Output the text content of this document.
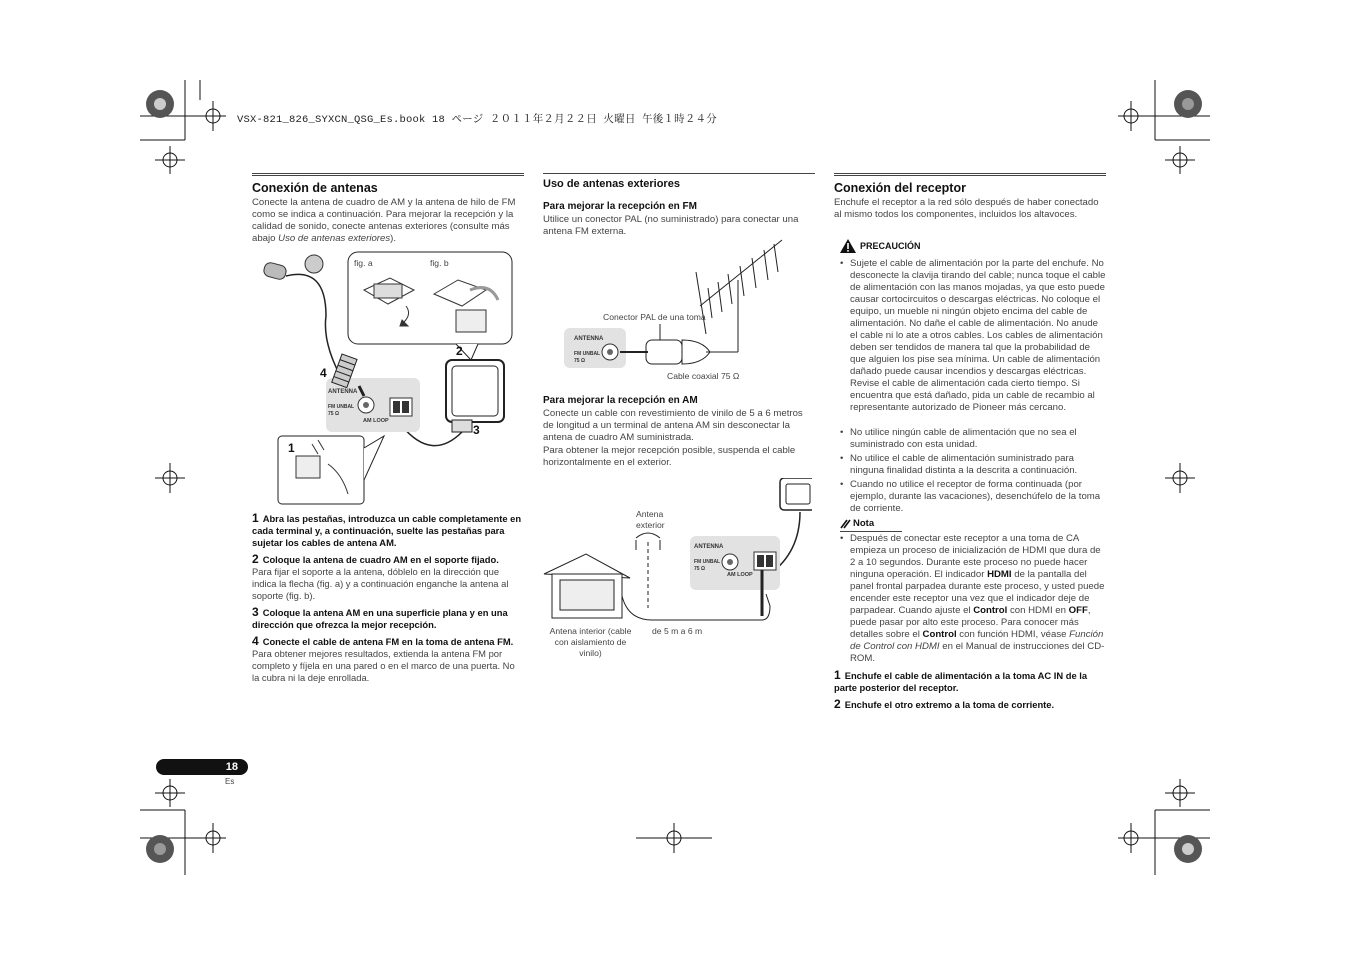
VSX-821_826_SYXCN_QSG_Es.book 18 ページ ２０１１年２月２２日 火曜日 午後１時２４分
Conexión de antenas
Conecte la antena de cuadro de AM y la antena de hilo de FM como se indica a continuación. Para mejorar la recepción y la calidad de sonido, conecte antenas exteriores (consulte más abajo Uso de antenas exteriores).
fig. a	fig. b
1
2
3
4
ANTENNA
FM UNBAL
75 Ω
AM LOOP
1 Abra las pestañas, introduzca un cable completamente en cada terminal y, a continuación, suelte las pestañas para sujetar los cables de antena AM.
2 Coloque la antena de cuadro AM en el soporte fijado.
Para fijar el soporte a la antena, dóblelo en la dirección que indica la flecha (fig. a) y a continuación enganche la antena al soporte (fig. b).
3 Coloque la antena AM en una superficie plana y en una dirección que ofrezca la mejor recepción.
4 Conecte el cable de antena FM en la toma de antena FM.
Para obtener mejores resultados, extienda la antena FM por completo y fíjela en una pared o en el marco de una puerta. No la cubra ni la deje enrollada.
Uso de antenas exteriores
Para mejorar la recepción en FM
Utilice un conector PAL (no suministrado) para conectar una antena FM externa.
Conector PAL de una toma
Cable coaxial 75 Ω
ANTENNA
FM UNBAL
75 Ω
Para mejorar la recepción en AM
Conecte un cable con revestimiento de vinilo de 5 a 6 metros de longitud a un terminal de antena AM sin desconectar la antena de cuadro AM suministrada.
Para obtener la mejor recepción posible, suspenda el cable horizontalmente en el exterior.
Antena exterior
Antena interior (cable con aislamiento de vinilo)
de 5 m a 6 m
ANTENNA
FM UNBAL
75 Ω
AM LOOP
Conexión del receptor
Enchufe el receptor a la red sólo después de haber conectado al mismo todos los componentes, incluidos los altavoces.
PRECAUCIÓN
• Sujete el cable de alimentación por la parte del enchufe. No desconecte la clavija tirando del cable; nunca toque el cable de alimentación con las manos mojadas, ya que esto puede causar cortocircuitos o descargas eléctricas. No coloque el equipo, un mueble ni ningún objeto encima del cable de alimentación. No dañe el cable de alimentación. No anude el cable ni lo ate a otros cables. Los cables de alimentación deben ser tendidos de manera tal que la probabilidad de que alguien los pise sea mínima. Un cable de alimentación dañado puede causar incendios y descargas eléctricas. Revise el cable de alimentación cada cierto tiempo. Si encuentra que está dañado, pida un cable de recambio al representante autorizado de Pioneer más cercano.
• No utilice ningún cable de alimentación que no sea el suministrado con esta unidad.
• No utilice el cable de alimentación suministrado para ninguna finalidad distinta a la descrita a continuación.
• Cuando no utilice el receptor de forma continuada (por ejemplo, durante las vacaciones), desenchúfelo de la toma de corriente.
Nota
• Después de conectar este receptor a una toma de CA empieza un proceso de inicialización de HDMI que dura de 2 a 10 segundos. Durante este proceso no puede hacer ninguna operación. El indicador HDMI de la pantalla del panel frontal parpadea durante este proceso, y usted puede encender este receptor una vez que el indicador deje de parpadear. Cuando ajuste el Control con HDMI en OFF, puede pasar por alto este proceso. Para conocer más detalles sobre el Control con función HDMI, véase Función de Control con HDMI en el Manual de instrucciones del CD-ROM.
1 Enchufe el cable de alimentación a la toma AC IN de la parte posterior del receptor.
2 Enchufe el otro extremo a la toma de corriente.
18
Es
